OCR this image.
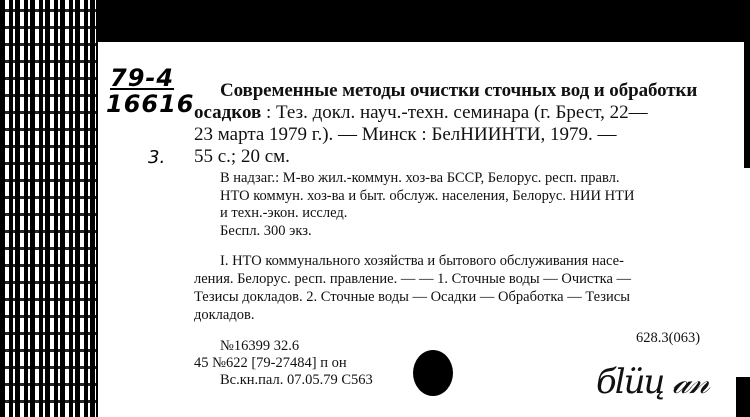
79-4
16616
3.
Современные методы очистки сточных вод и обработки
осадков : Тез. докл. науч.-техн. семинара (г. Брест, 22—
23 марта 1979 г.). — Минск : БелНИИНТИ, 1979. —
55 с.; 20 см.
В надзаг.: М-во жил.-коммун. хоз-ва БССР, Белорус. респ. правл.
НТО коммун. хоз-ва и быт. обслуж. населения, Белорус. НИИ НТИ
и техн.-экон. исслед.
Беспл. 300 экз.
I. НТО коммунального хозяйства и бытового обслуживания насе-
ления. Белорус. респ. правление. — — 1. Сточные воды — Очистка —
Тезисы докладов. 2. Сточные воды — Осадки — Обработка — Тезисы
докладов.
628.3(063)
№16399 32.6
45 №622 [79-27484] п он
Вс.кн.пал. 07.05.79 С563	бlüų 𝒶𝓃
